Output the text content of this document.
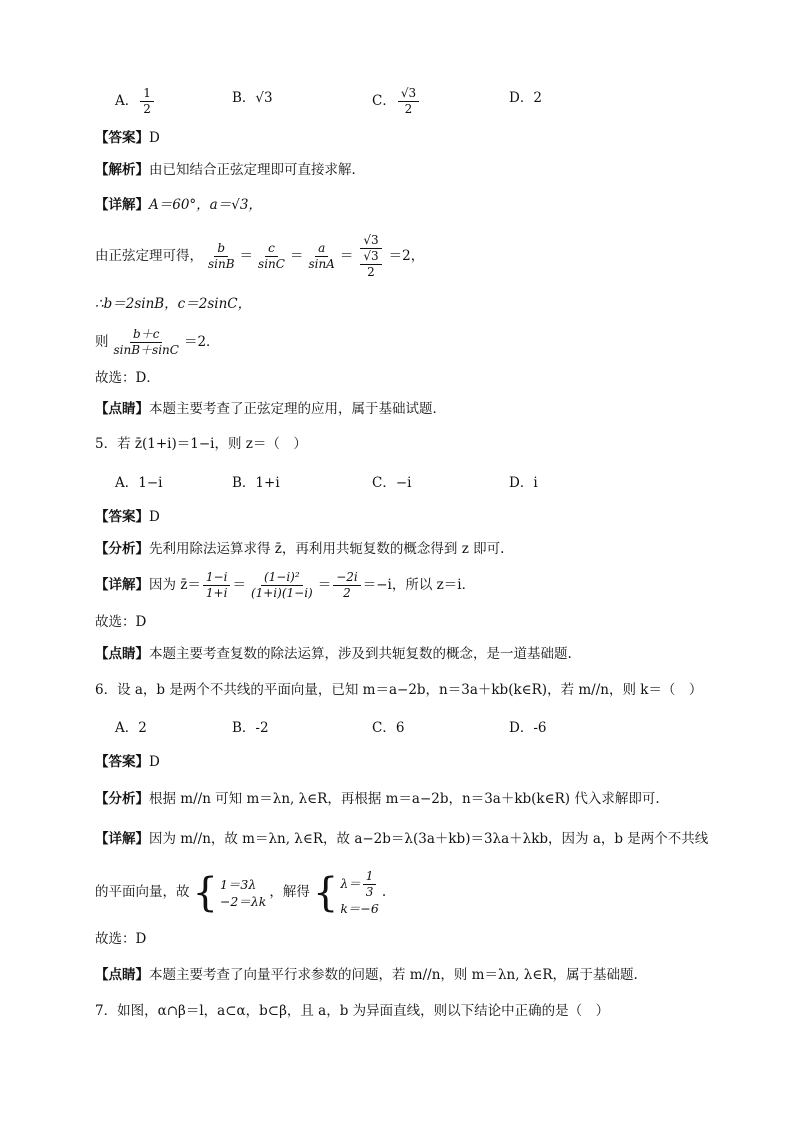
A． $\frac{1}{2}$	B．√3	C． $\frac{√3}{2}$	D．2
【答案】D
【解析】由已知结合正弦定理即可直接求解．
【详解】A＝60°，a＝√3，
由正弦定理可得， $\frac{b}{\sin B} = \frac{c}{\sin C} = \frac{a}{\sin A} = \frac{√3}{\frac{√3}{2}} =2$，
∴b＝2sinB，c＝2sinC，
则 $\frac{b+c}{\sin B+\sin C} =2$．
故选：D．
【点睛】本题主要考查了正弦定理的应用，属于基础试题．
5．若 z̄(1+i)＝1−i，则 z＝（　）
A．1−i	B．1+i	C．−i	D．i
【答案】D
【分析】先利用除法运算求得 z̄，再利用共轭复数的概念得到 z 即可.
【详解】因为 z̄＝ $\frac{1-i}{1+i} = \frac{\text{(1−i)²}}{(1+i)(1-i)} = \frac{-2i}{2} =-i$，所以 z＝i．
故选：D
【点睛】本题主要考查复数的除法运算，涉及到共轭复数的概念，是一道基础题.
6．设 a，b 是两个不共线的平面向量，已知 m＝a−2b，n＝3a＋kb(k∈R)，若 m//n，则 k＝（　）
A．2	B．-2	C．6	D．-6
【答案】D
【分析】根据 m//n 可知 m＝λn, λ∈R，再根据 m＝a−2b，n＝3a＋kb(k∈R) 代入求解即可.
【详解】因为 m//n，故 m＝λn, λ∈R，故 a−2b＝λ(3a＋kb)＝3λa＋λkb，因为 a，b 是两个不共线
的平面向量，故 { 1＝3λ
−2＝λk
，解得 { $\lambda= \frac{1}{3}$
k＝−6
.
故选：D
【点睛】本题主要考查了向量平行求参数的问题，若 m//n，则 m＝λn, λ∈R，属于基础题.
7．如图，α∩β＝l，a⊂α，b⊂β，且 a，b 为异面直线，则以下结论中正确的是（　）
